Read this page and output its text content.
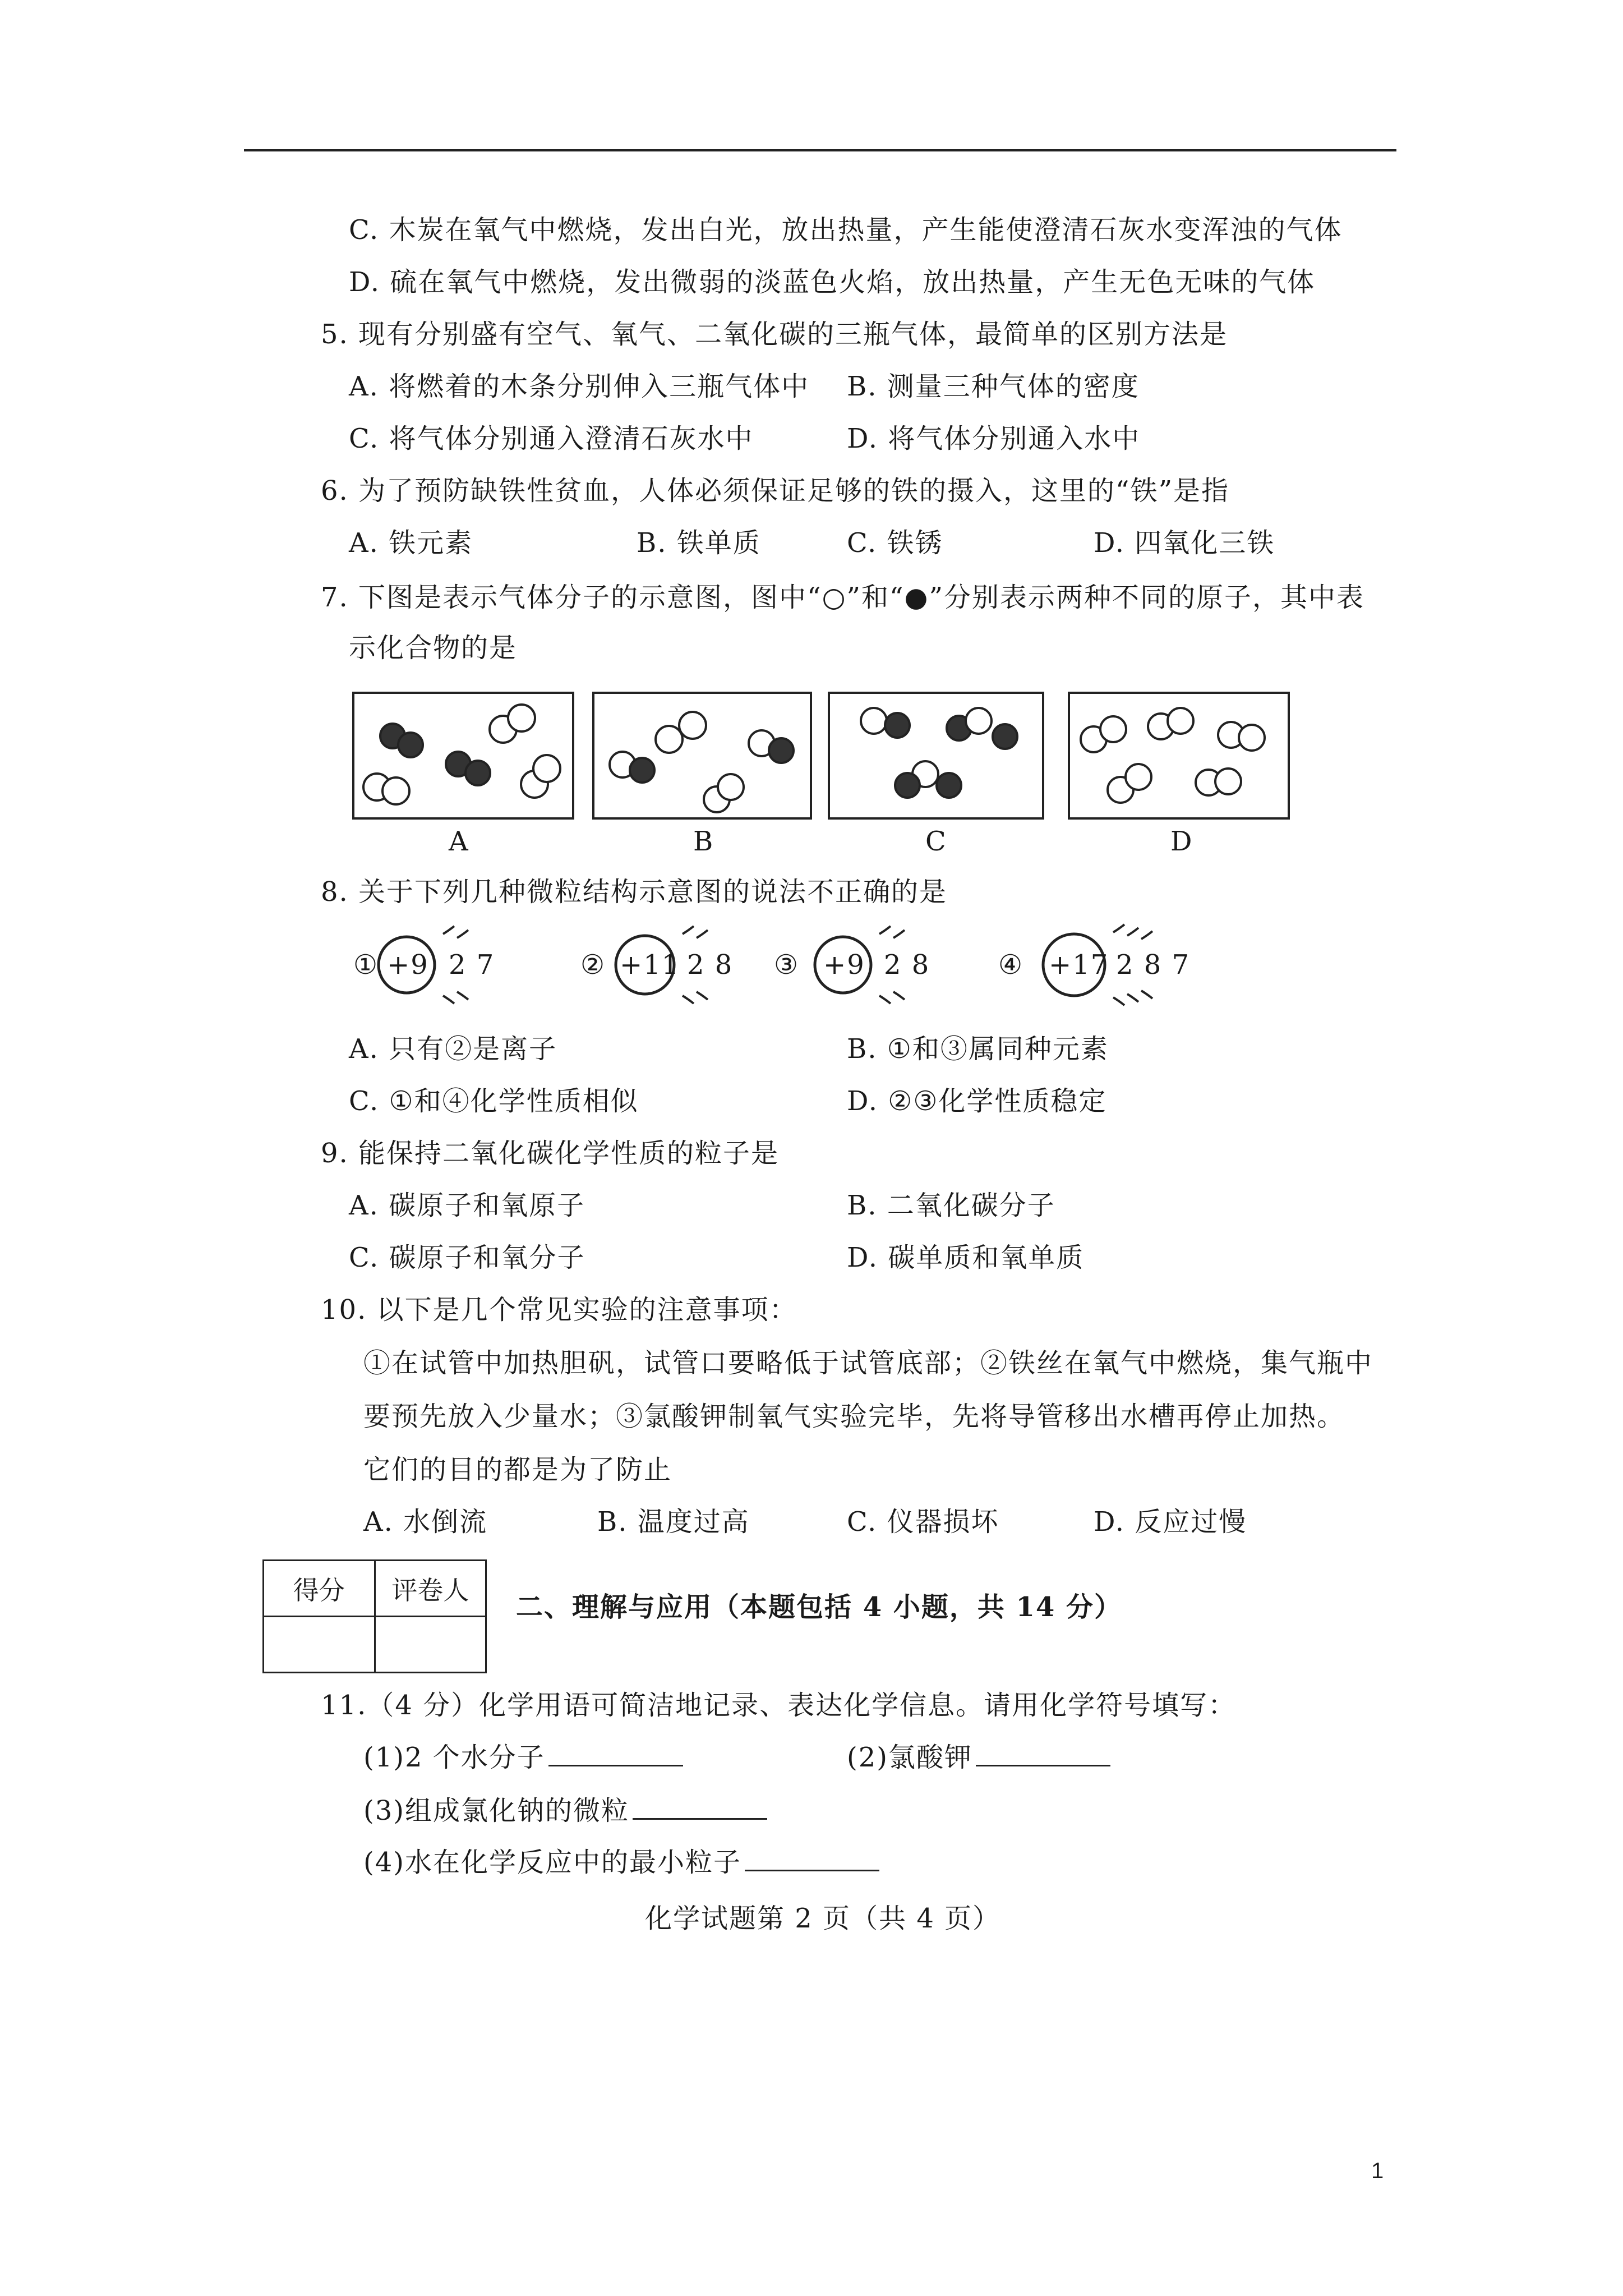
C. 木炭在氧气中燃烧，发出白光，放出热量，产生能使澄清石灰水变浑浊的气体
D. 硫在氧气中燃烧，发出微弱的淡蓝色火焰，放出热量，产生无色无味的气体
5. 现有分别盛有空气、氧气、二氧化碳的三瓶气体，最简单的区别方法是
A. 将燃着的木条分别伸入三瓶气体中 B. 测量三种气体的密度
C. 将气体分别通入澄清石灰水中	D. 将气体分别通入水中
6. 为了预防缺铁性贫血，人体必须保证足够的铁的摄入，这里的“铁”是指
A. 铁元素	B. 铁单质	C. 铁锈	D. 四氧化三铁
7. 下图是表示气体分子的示意图，图中“○”和“●”分别表示两种不同的原子，其中表
示化合物的是
A	B	C	D
8. 关于下列几种微粒结构示意图的说法不正确的是
① +9 2 7	② +11 2 8 ③ +9 2 8	④ +17 2 8 7
A. 只有②是离子	B. ①和③属同种元素
C. ①和④化学性质相似	D. ②③化学性质稳定
9. 能保持二氧化碳化学性质的粒子是
A. 碳原子和氧原子	B. 二氧化碳分子
C. 碳原子和氧分子	D. 碳单质和氧单质
10. 以下是几个常见实验的注意事项：
①在试管中加热胆矾，试管口要略低于试管底部；②铁丝在氧气中燃烧，集气瓶中
要预先放入少量水；③氯酸钾制氧气实验完毕，先将导管移出水槽再停止加热。
它们的目的都是为了防止
A. 水倒流	B. 温度过高	C. 仪器损坏	D. 反应过慢
得分	评卷人

二、理解与应用（本题包括 4 小题，共 14 分）
11.（4 分）化学用语可简洁地记录、表达化学信息。请用化学符号填写：
(1)2 个水分子	(2)氯酸钾
(3)组成氯化钠的微粒
(4)水在化学反应中的最小粒子
化学试题第 2 页（共 4 页）
1
